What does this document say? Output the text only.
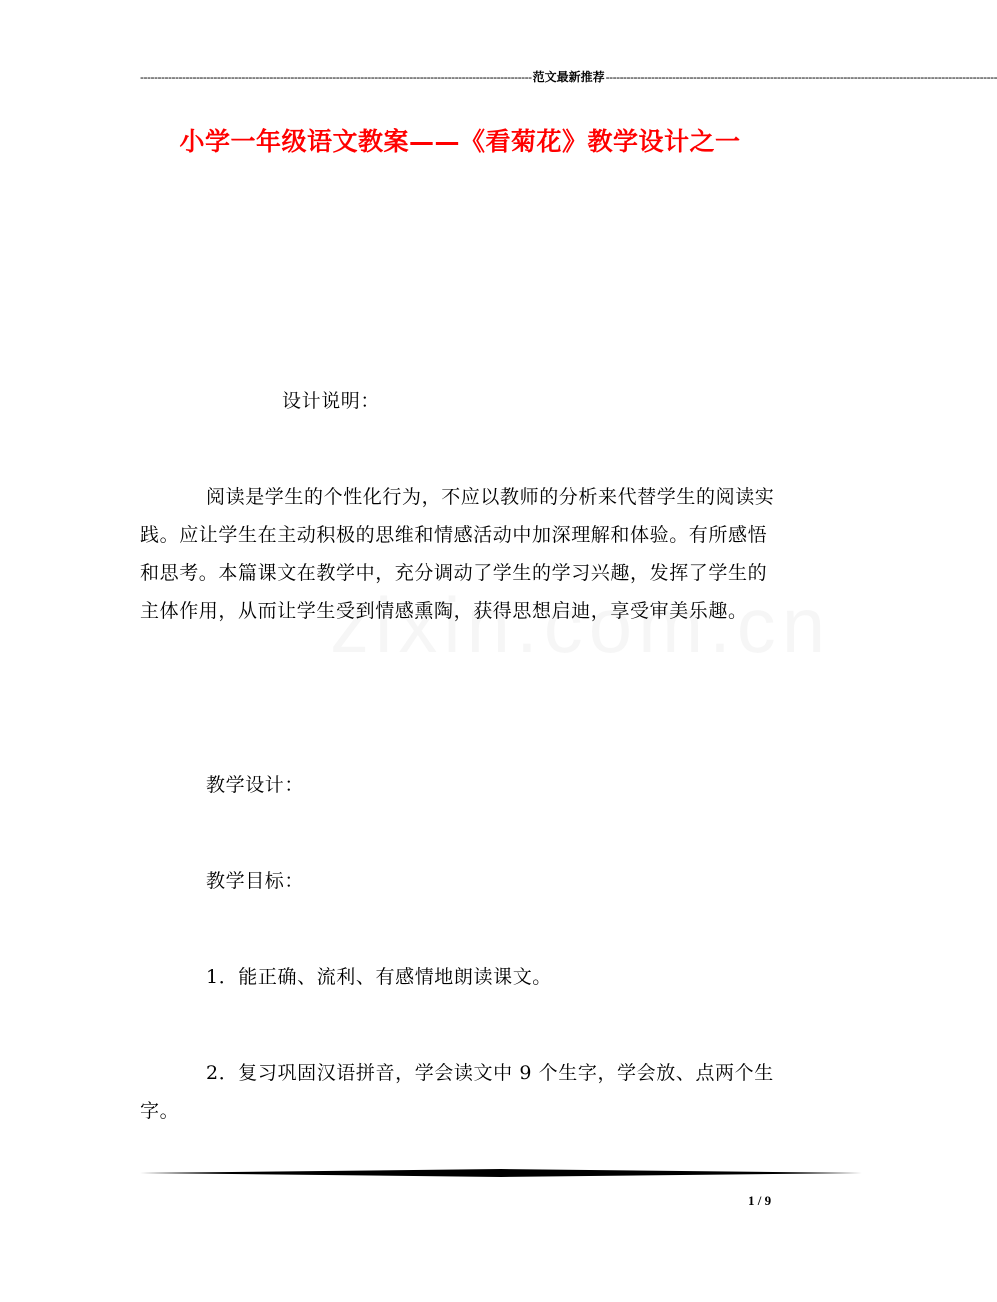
---------------------------------------------------------------------------------------------------------------- 范文最新推荐 ----------------------------------------------------------------------------------------------------------------
小学一年级语文教案——《看菊花》教学设计之一

设计说明：

阅读是学生的个性化行为，不应以教师的分析来代替学生的阅读实践。应让学生在主动积极的思维和情感活动中加深理解和体验。有所感悟和思考。本篇课文在教学中，充分调动了学生的学习兴趣，发挥了学生的主体作用，从而让学生受到情感熏陶，获得思想启迪，享受审美乐趣。

教学设计：

教学目标：

1．能正确、流利、有感情地朗读课文。

2．复习巩固汉语拼音，学会读文中 9 个生字，学会放、点两个生字。

1 / 9
